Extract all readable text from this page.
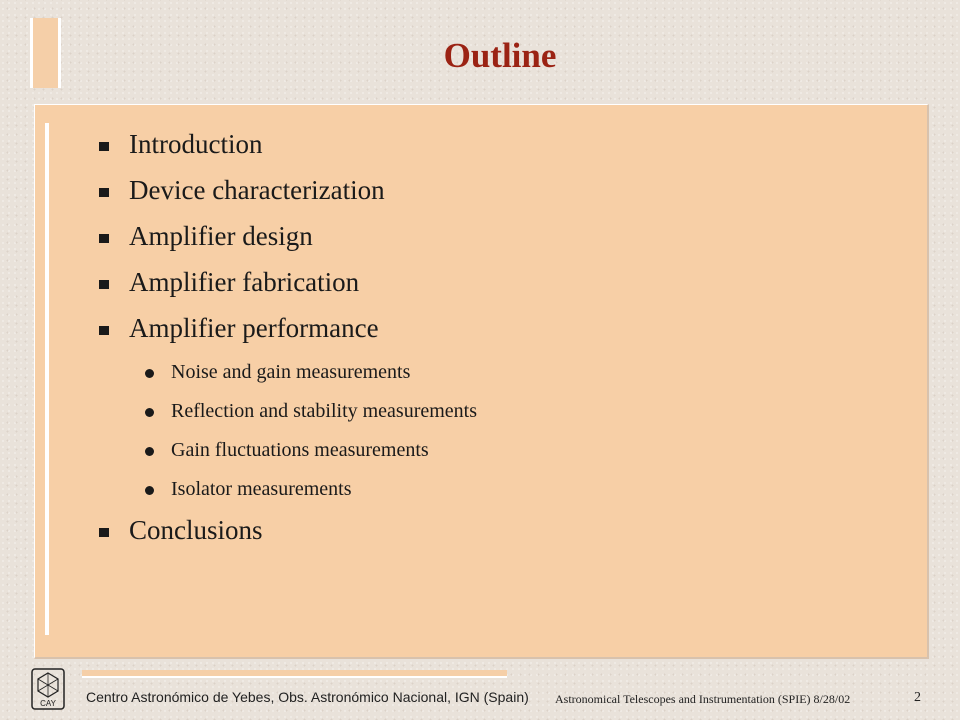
Outline
Introduction
Device characterization
Amplifier design
Amplifier fabrication
Amplifier performance
Noise and gain measurements
Reflection and stability measurements
Gain fluctuations measurements
Isolator measurements
Conclusions
CAY Centro Astronómico de Yebes, Obs. Astronómico Nacional, IGN (Spain) Astronomical Telescopes and Instrumentation (SPIE) 8/28/02	2
